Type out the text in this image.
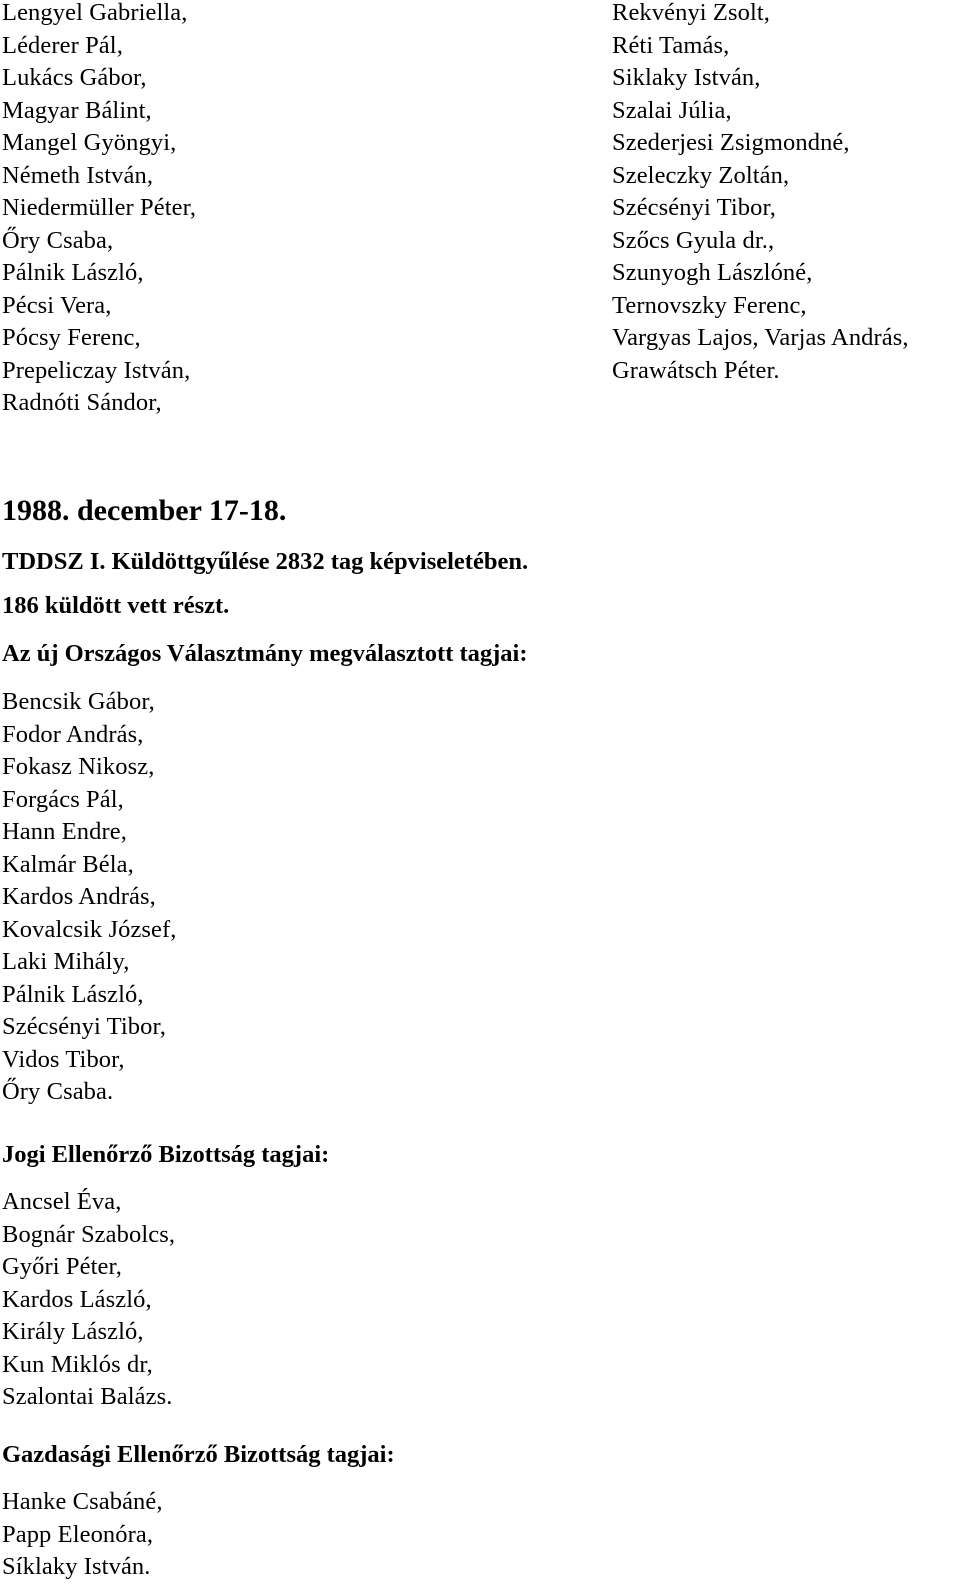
Lengyel Gabriella,
Léderer Pál,
Lukács Gábor,
Magyar Bálint,
Mangel Gyöngyi,
Németh István,
Niedermüller Péter,
Őry Csaba,
Pálnik László,
Pécsi Vera,
Pócsy Ferenc,
Prepeliczay István,
Radnóti Sándor,
Rekvényi Zsolt,
Réti Tamás,
Siklaky István,
Szalai Júlia,
Szederjesi Zsigmondné,
Szeleczky Zoltán,
Szécsényi Tibor,
Szőcs Gyula dr.,
Szunyogh Lászlóné,
Ternovszky Ferenc,
Vargyas Lajos, Varjas András,
Grawátsch Péter.
1988. december 17-18.
TDDSZ I. Küldöttgyűlése 2832 tag képviseletében.
186 küldött vett részt.
Az új Országos Választmány megválasztott tagjai:
Bencsik Gábor,
Fodor András,
Fokasz Nikosz,
Forgács Pál,
Hann Endre,
Kalmár Béla,
Kardos András,
Kovalcsik József,
Laki Mihály,
Pálnik László,
Szécsényi Tibor,
Vidos Tibor,
Őry Csaba.
Jogi Ellenőrző Bizottság tagjai:
Ancsel Éva,
Bognár Szabolcs,
Győri Péter,
Kardos László,
Király László,
Kun Miklós dr,
Szalontai Balázs.
Gazdasági Ellenőrző Bizottság tagjai:
Hanke Csabáné,
Papp Eleonóra,
Síklaky István.
